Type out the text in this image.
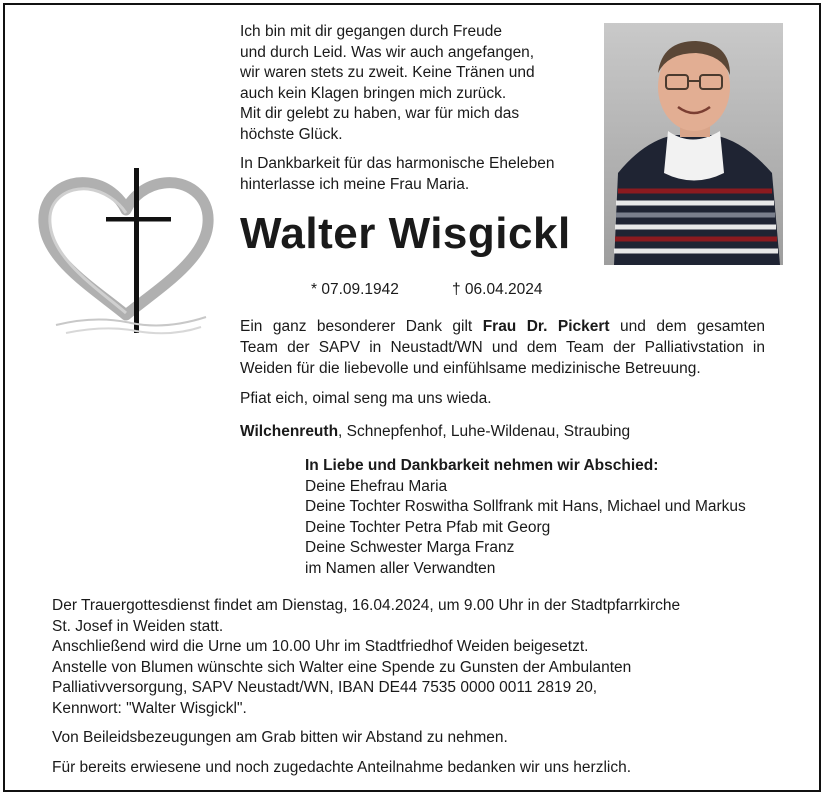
Ich bin mit dir gegangen durch Freude
und durch Leid. Was wir auch angefangen,
wir waren stets zu zweit. Keine Tränen und
auch kein Klagen bringen mich zurück.
Mit dir gelebt zu haben, war für mich das
höchste Glück.
In Dankbarkeit für das harmonische Eheleben
hinterlasse ich meine Frau Maria.
Walter Wisgickl
* 07.09.1942	† 06.04.2024

Ein ganz besonderer Dank gilt Frau Dr. Pickert und dem gesamten
Team der SAPV in Neustadt/WN und dem Team der Palliativstation in
Weiden für die liebevolle und einfühlsame medizinische Betreuung.

Pfiat eich, oimal seng ma uns wieda.
Wilchenreuth, Schnepfenhof, Luhe-Wildenau, Straubing
In Liebe und Dankbarkeit nehmen wir Abschied:
Deine Ehefrau Maria
Deine Tochter Roswitha Sollfrank mit Hans, Michael und Markus
Deine Tochter Petra Pfab mit Georg
Deine Schwester Marga Franz
im Namen aller Verwandten
Der Trauergottesdienst findet am Dienstag, 16.04.2024, um 9.00 Uhr in der Stadtpfarrkirche
St. Josef in Weiden statt.
Anschließend wird die Urne um 10.00 Uhr im Stadtfriedhof Weiden beigesetzt.
Anstelle von Blumen wünschte sich Walter eine Spende zu Gunsten der Ambulanten
Palliativversorgung, SAPV Neustadt/WN, IBAN DE44 7535 0000 0011 2819 20,
Kennwort: "Walter Wisgickl".
Von Beileidsbezeugungen am Grab bitten wir Abstand zu nehmen.
Für bereits erwiesene und noch zugedachte Anteilnahme bedanken wir uns herzlich.
